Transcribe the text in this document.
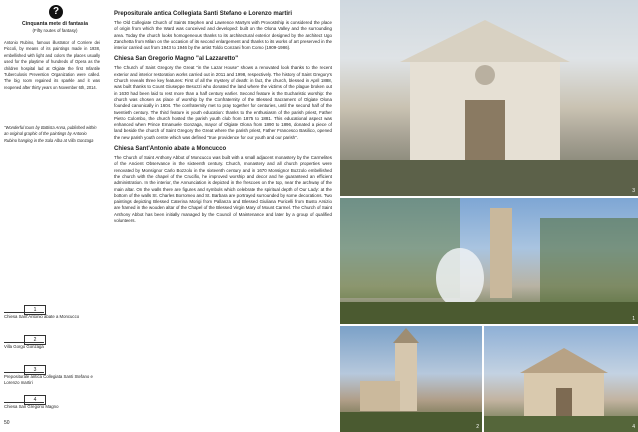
?
Cinquanta mete di fantasia
(Fifty routes of fantasy)
Antonio Rubino, famous illustrator of Corriere dei Piccoli, by means of its paintings made in 1938, embellished with light and colors the places usually used for the playtime of hundreds of Opera as the children hospital lad at Olgiate the first Infantile Tuberculosis Prevention Organization were called. The big room regained its sparkle and it was reopened after thirty years on November 6th, 2014.
"Wonderful tours by Battista Anna, published within an original graphic of the paintings by Antonio Rubino hanging in the Sala Alba at Villa Gonzaga
1
Chiesa Sant'Antonio abate a Moncucco
2
Villa Gorgo Gonzaga
3
Prepositurale antica Collegiata Santi Stefano e Lorenzo martiri
4
Chiesa San Gregorio Magno
50
Prepositurale antica Collegiata Santi Stefano e Lorenzo martiri

The Old Collegiate Church of Saints Stephen and Lawrence Martyrs with Provostship is considered the place of origin from which the Ward was conceived and developed: built on the Olona Valley and the surrounding area. Today the church looks homogeneous thanks to its architectural exterior designed by the architect Ugo Zanchetta from Milan on the occasion of its second enlargement and thanks to its works of art preserved in the interior carried out from 1943 to 1946 by the artist Toldo Conzani from Como (1909-1986).

Chiesa San Gregorio Magno "al Lazzaretto"

The Church of Saint Gregory the Great "in the Lazar House" shows a renovated look thanks to the recent exterior and interior restoration works carried out in 2011 and 1998, respectively. The history of Saint Gregory's Church reveals three key features: First of all the mystery of death: in fact, the church, blessed in April 1888, was built thanks to Count Giuseppe Besozzi who donated the land where the victims of the plague broken out in 1630 had been laid to rest more than a half century earlier. Second feature is the Eucharistic worship: the church was chosen as place of worship by the Confraternity of the Blessed Sacrament of Olgiate Olona founded canonically in 1604. The confraternity met to pray together for centuries, until the second half of the twentieth century. The third feature is youth education: thanks to the enthusiasm of the parish priest, Father Pietro Colombo, the church hosted the parish youth club from 1875 to 1881. This educational aspect was enhanced when Prince Emanuele Gonzaga, mayor of Olgiate Olona from 1890 to 1896, donated a piece of land beside the church of Saint Gregory the Great where the parish priest, Father Francesco Basilico, opened the new parish youth centre which was defined "true providence for our youth and our parish".

Chiesa Sant'Antonio abate a Moncucco

The Church of Saint Anthony Abbot of Moncucco was built with a small adjacent monastery by the Carmelites of the Ancient Observance in the sixteenth century. Church, monastery and all church properties were renovated by Monsignor Carlo Bozzolo in the sixteenth century and in 1670 Monsignor Bozzolo embellished the church with the chapel of the Crucifix, he improved worship and decor and he guaranteed an efficient administration. In the interior, the Annunciation is depicted in the frescoes on the top, near the archway of the main altar. On the walls there are figures and symbols which celebrate the spiritual depth of Our Lady: at the bottom of the walls St. Charles Borromeo and St. Barbara are portrayed surrounded by some decorations. Two paintings depicting Blessed Caterina Morigi from Pallanza and Blessed Giuliana Puricelli from Busto Arsizio are framed in the wooden altar of the Chapel of the Blessed Virgin Mary of Mount Carmel. The Church of Saint Anthony Abbot has been initially managed by the Council of Maintenance and later by a group of qualified volunteers.

3
1
2	4
